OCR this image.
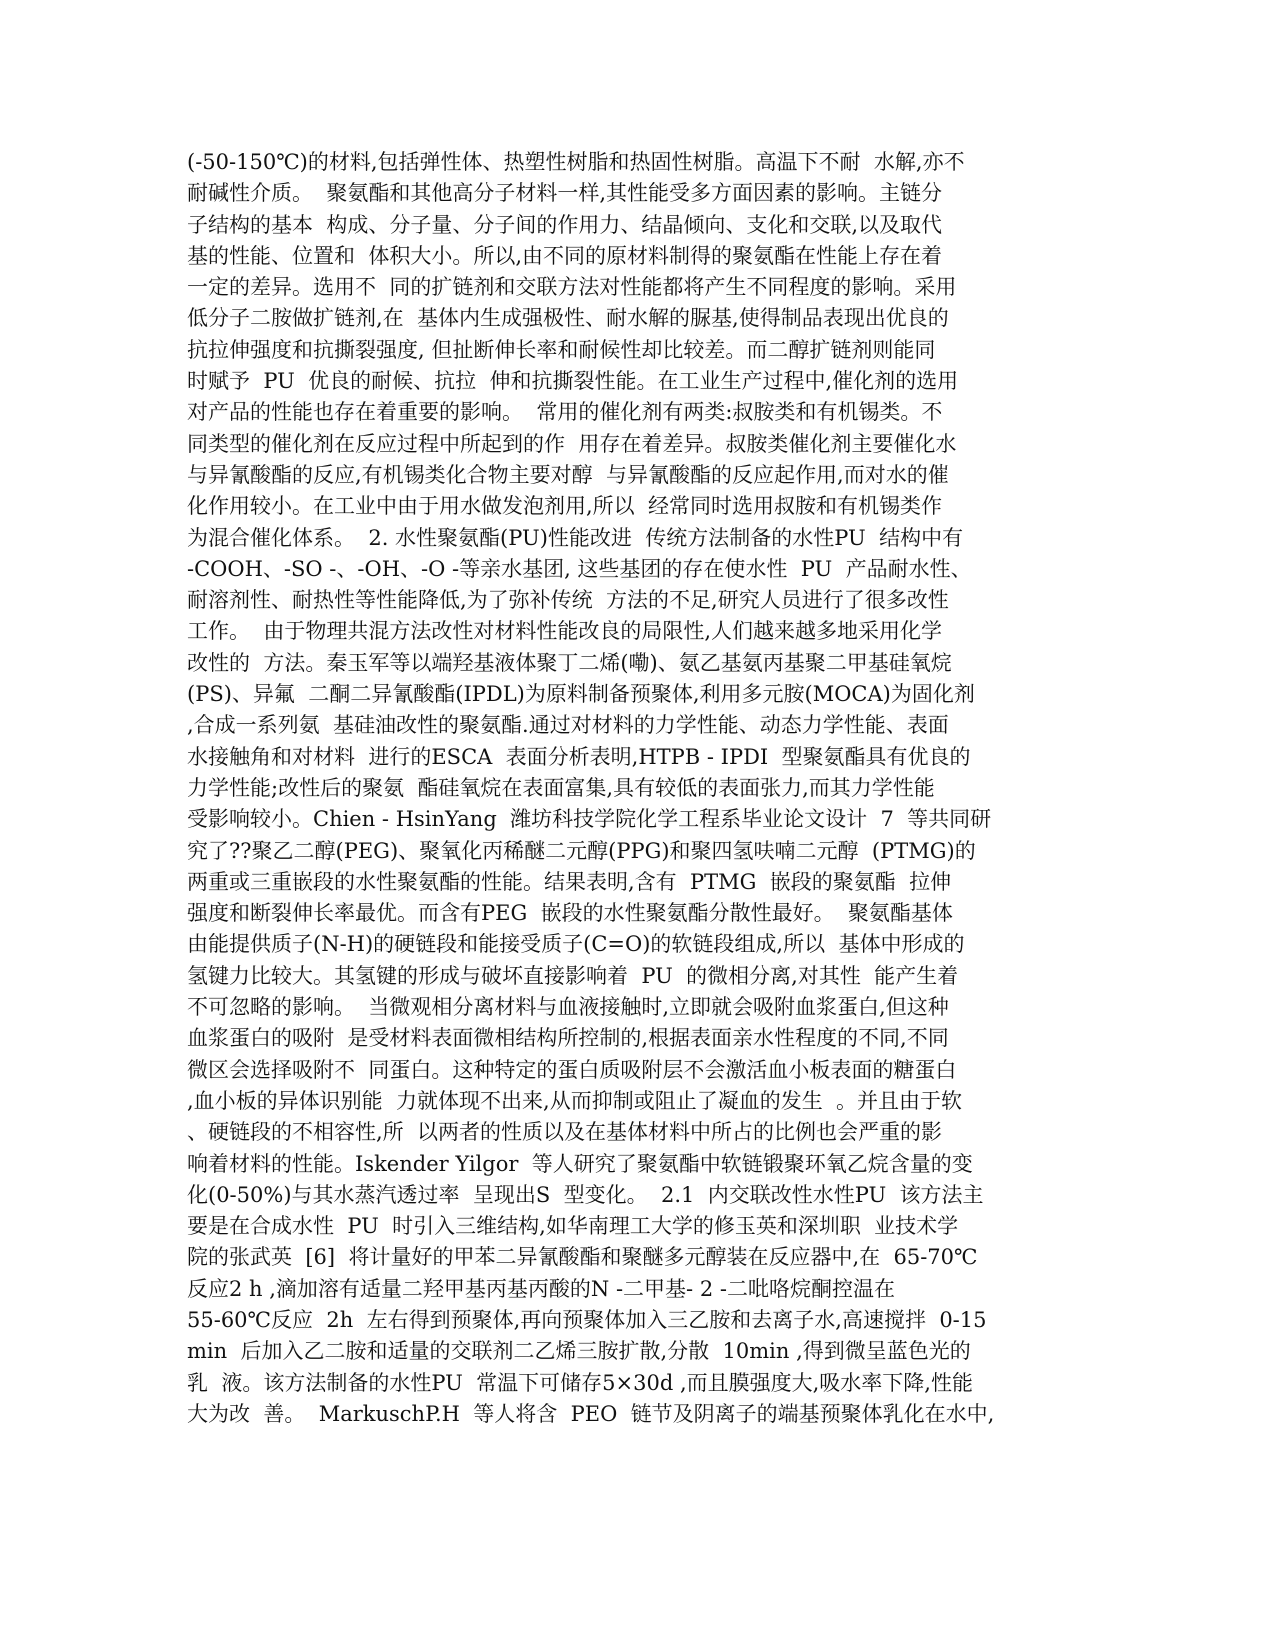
(-50-150℃)的材料,包括弹性体、热塑性树脂和热固性树脂。高温下不耐  水解,亦不
耐碱性介质。  聚氨酯和其他高分子材料一样,其性能受多方面因素的影响。主链分
子结构的基本  构成、分子量、分子间的作用力、结晶倾向、支化和交联,以及取代
基的性能、位置和  体积大小。所以,由不同的原材料制得的聚氨酯在性能上存在着
一定的差异。选用不  同的扩链剂和交联方法对性能都将产生不同程度的影响。采用
低分子二胺做扩链剂,在  基体内生成强极性、耐水解的脲基,使得制品表现出优良的
抗拉伸强度和抗撕裂强度, 但扯断伸长率和耐候性却比较差。而二醇扩链剂则能同
时赋予  PU  优良的耐候、抗拉  伸和抗撕裂性能。在工业生产过程中,催化剂的选用
对产品的性能也存在着重要的影响。  常用的催化剂有两类:叔胺类和有机锡类。不
同类型的催化剂在反应过程中所起到的作  用存在着差异。叔胺类催化剂主要催化水
与异氰酸酯的反应,有机锡类化合物主要对醇  与异氰酸酯的反应起作用,而对水的催
化作用较小。在工业中由于用水做发泡剂用,所以  经常同时选用叔胺和有机锡类作
为混合催化体系。  2. 水性聚氨酯(PU)性能改进  传统方法制备的水性PU  结构中有
-COOH、-SO -、-OH、-O -等亲水基团, 这些基团的存在使水性  PU  产品耐水性、
耐溶剂性、耐热性等性能降低,为了弥补传统  方法的不足,研究人员进行了很多改性
工作。  由于物理共混方法改性对材料性能改良的局限性,人们越来越多地采用化学
改性的  方法。秦玉军等以端羟基液体聚丁二烯(嘞)、氨乙基氨丙基聚二甲基硅氧烷
(PS)、异氟  二酮二异氰酸酯(IPDL)为原料制备预聚体,利用多元胺(MOCA)为固化剂
,合成一系列氨  基硅油改性的聚氨酯.通过对材料的力学性能、动态力学性能、表面
水接触角和对材料  进行的ESCA  表面分析表明,HTPB - IPDI  型聚氨酯具有优良的
力学性能;改性后的聚氨  酯硅氧烷在表面富集,具有较低的表面张力,而其力学性能
受影响较小。Chien - HsinYang  潍坊科技学院化学工程系毕业论文设计  7  等共同研
究了??聚乙二醇(PEG)、聚氧化丙稀醚二元醇(PPG)和聚四氢呋喃二元醇  (PTMG)的
两重或三重嵌段的水性聚氨酯的性能。结果表明,含有  PTMG  嵌段的聚氨酯  拉伸
强度和断裂伸长率最优。而含有PEG  嵌段的水性聚氨酯分散性最好。  聚氨酯基体
由能提供质子(N-H)的硬链段和能接受质子(C=O)的软链段组成,所以  基体中形成的
氢键力比较大。其氢键的形成与破坏直接影响着  PU  的微相分离,对其性  能产生着
不可忽略的影响。  当微观相分离材料与血液接触时,立即就会吸附血浆蛋白,但这种
血浆蛋白的吸附  是受材料表面微相结构所控制的,根据表面亲水性程度的不同,不同
微区会选择吸附不  同蛋白。这种特定的蛋白质吸附层不会激活血小板表面的糖蛋白
,血小板的异体识别能  力就体现不出来,从而抑制或阻止了凝血的发生  。并且由于软
、硬链段的不相容性,所  以两者的性质以及在基体材料中所占的比例也会严重的影
响着材料的性能。Iskender Yilgor  等人研究了聚氨酯中软链锻聚环氧乙烷含量的变
化(0-50%)与其水蒸汽透过率  呈现出S  型变化。  2.1  内交联改性水性PU  该方法主
要是在合成水性  PU  时引入三维结构,如华南理工大学的修玉英和深圳职  业技术学
院的张武英  [6]  将计量好的甲苯二异氰酸酯和聚醚多元醇装在反应器中,在  65-70℃
反应2 h ,滴加溶有适量二羟甲基丙基丙酸的N -二甲基- 2 -二吡咯烷酮控温在
55-60℃反应  2h  左右得到预聚体,再向预聚体加入三乙胺和去离子水,高速搅拌  0-15
min  后加入乙二胺和适量的交联剂二乙烯三胺扩散,分散  10min ,得到微呈蓝色光的
乳  液。该方法制备的水性PU  常温下可储存5×30d ,而且膜强度大,吸水率下降,性能
大为改  善。  MarkuschP.H  等人将含  PEO  链节及阴离子的端基预聚体乳化在水中,
